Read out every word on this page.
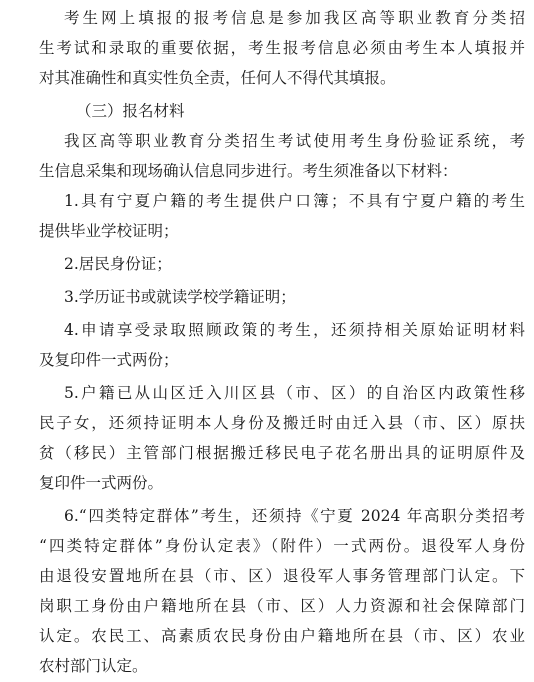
考生网上填报的报考信息是参加我区高等职业教育分类招
生考试和录取的重要依据，考生报考信息必须由考生本人填报并
对其准确性和真实性负全责，任何人不得代其填报。
（三）报名材料
我区高等职业教育分类招生考试使用考生身份验证系统，考
生信息采集和现场确认信息同步进行。考生须准备以下材料：
1.具有宁夏户籍的考生提供户口簿；不具有宁夏户籍的考生
提供毕业学校证明；
2.居民身份证；
3.学历证书或就读学校学籍证明；
4.申请享受录取照顾政策的考生，还须持相关原始证明材料
及复印件一式两份；
5.户籍已从山区迁入川区县（市、区）的自治区内政策性移
民子女，还须持证明本人身份及搬迁时由迁入县（市、区）原扶
贫（移民）主管部门根据搬迁移民电子花名册出具的证明原件及
复印件一式两份。
6.“四类特定群体”考生，还须持《宁夏 2024 年高职分类招考
“四类特定群体”身份认定表》（附件）一式两份。退役军人身份
由退役安置地所在县（市、区）退役军人事务管理部门认定。下
岗职工身份由户籍地所在县（市、区）人力资源和社会保障部门
认定。农民工、高素质农民身份由户籍地所在县（市、区）农业
农村部门认定。
